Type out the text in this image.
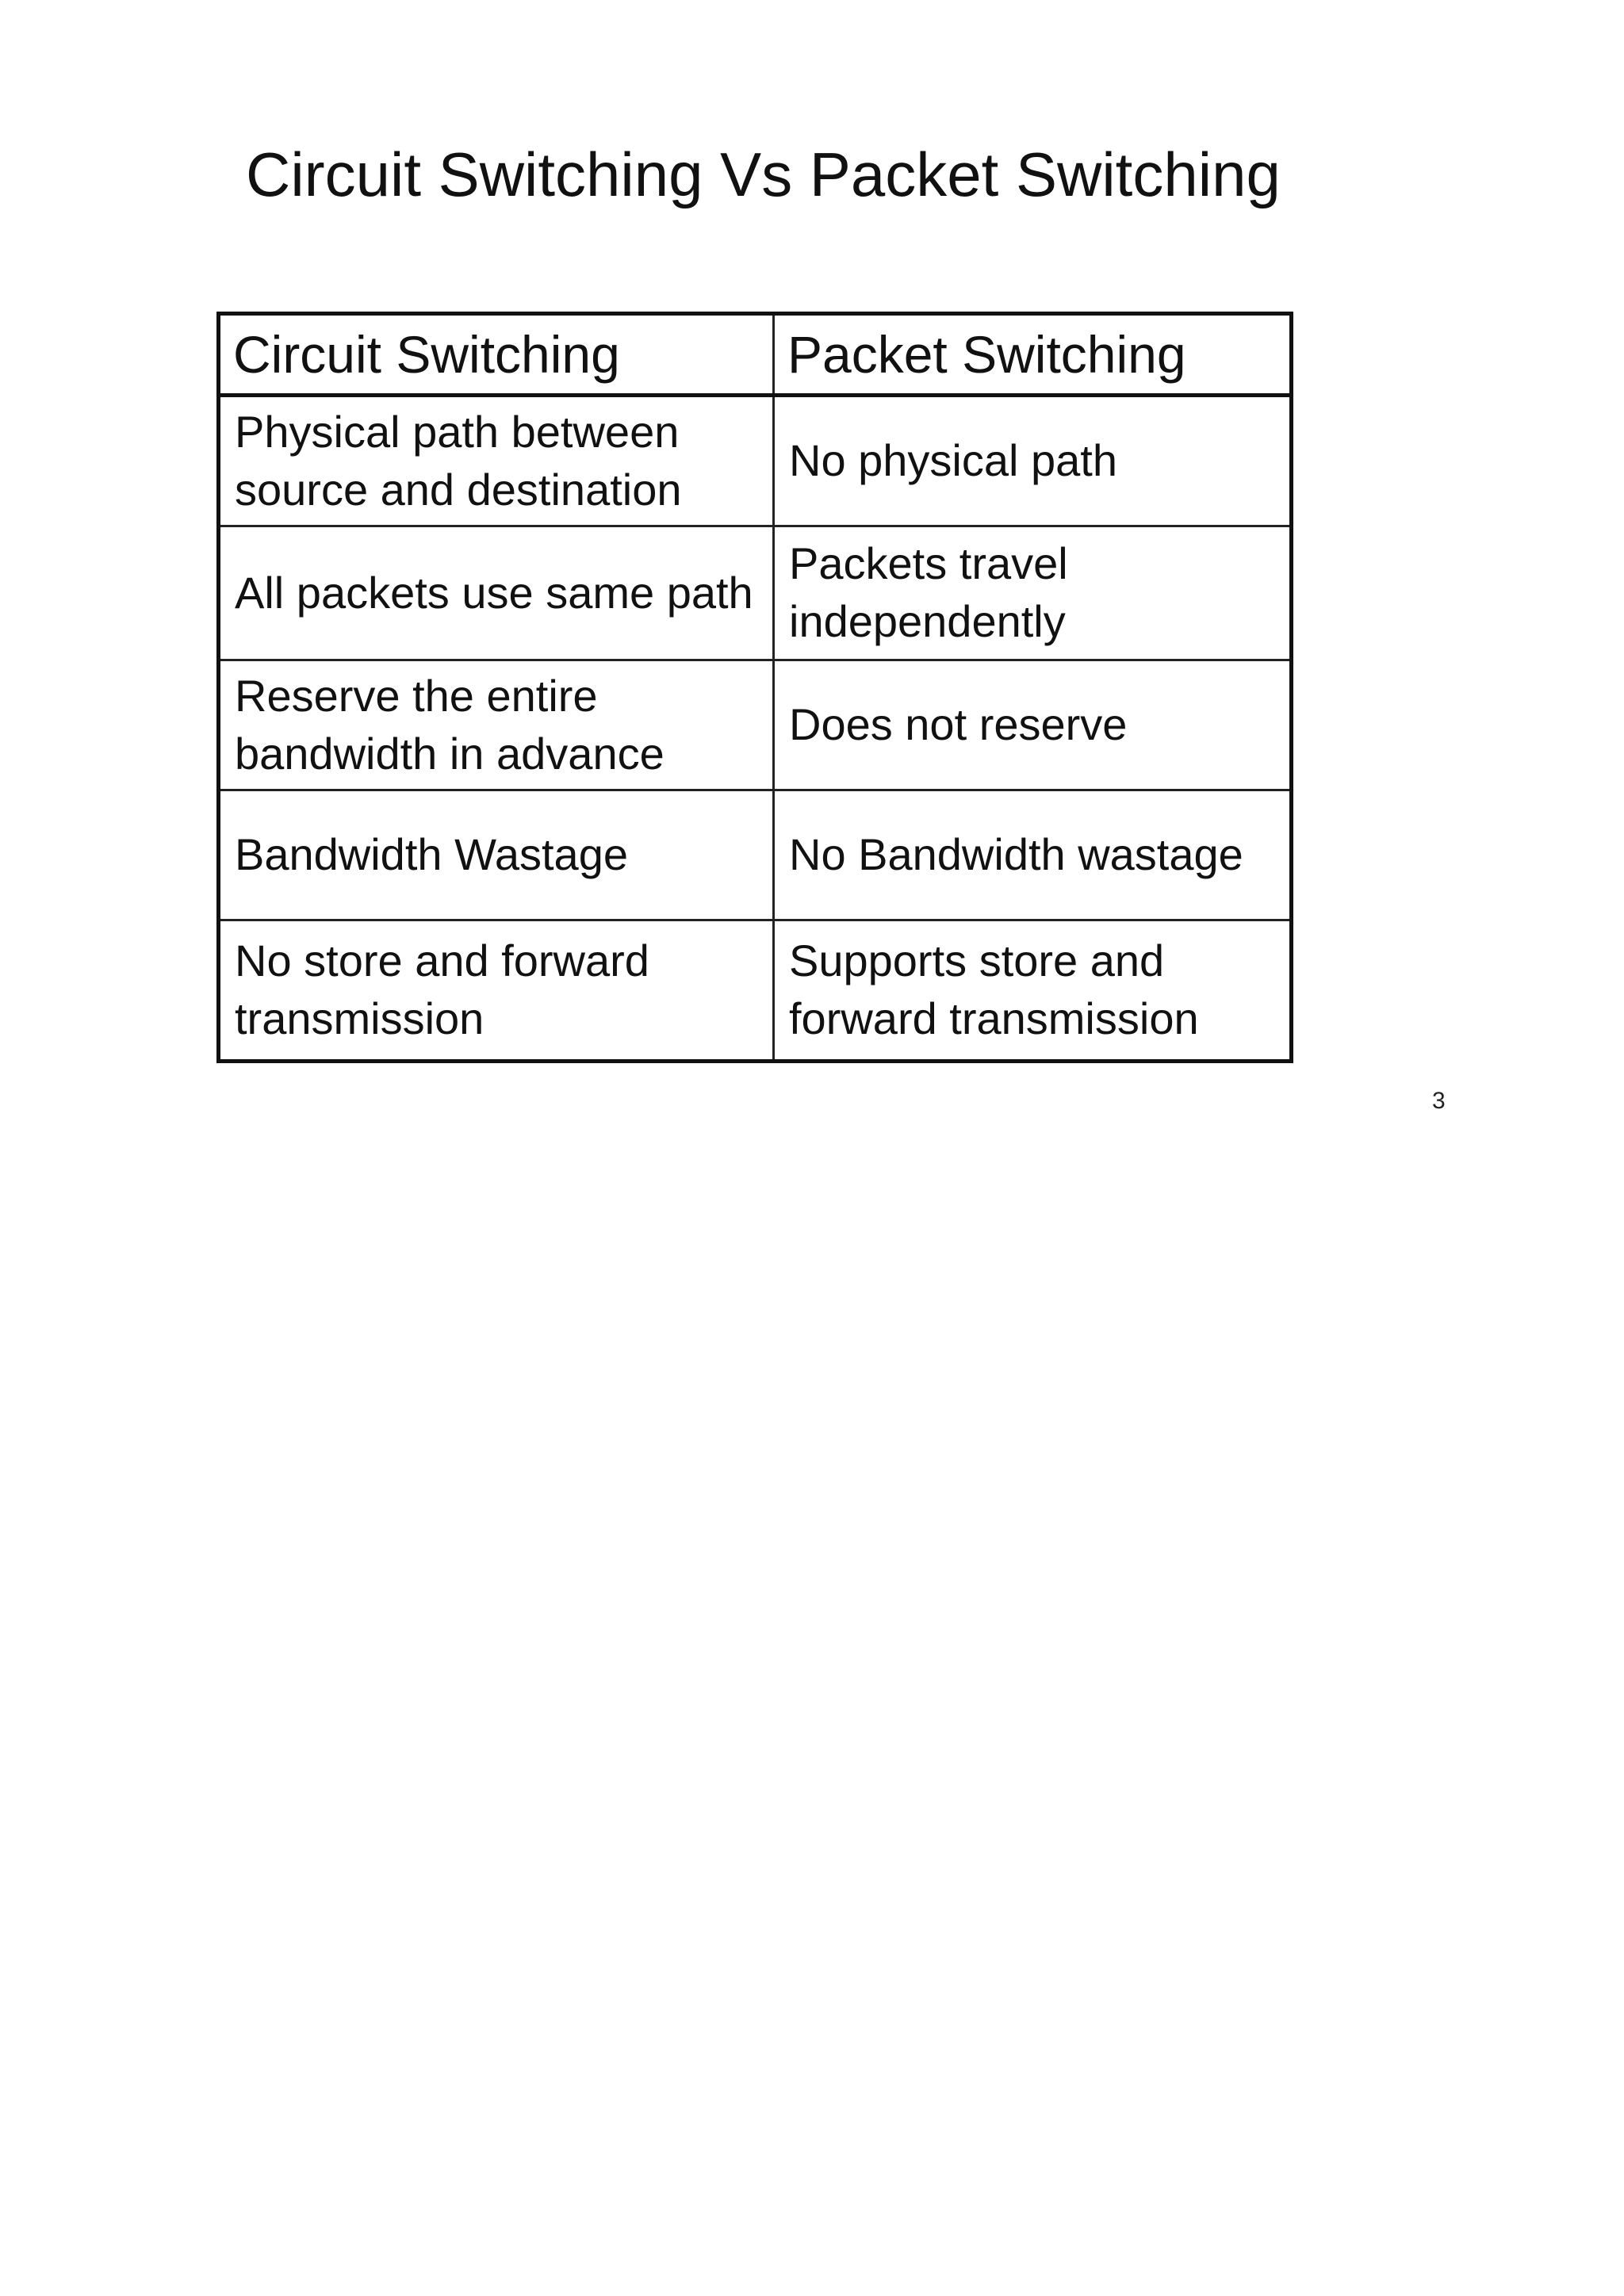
Circuit Switching Vs Packet Switching
Circuit Switching	Packet Switching
Physical path between source and destination	No physical path
All packets use same path	Packets travel independently
Reserve the entire bandwidth in advance	Does not reserve
Bandwidth Wastage	No Bandwidth wastage
No store and forward transmission	Supports store and forward transmission
3
